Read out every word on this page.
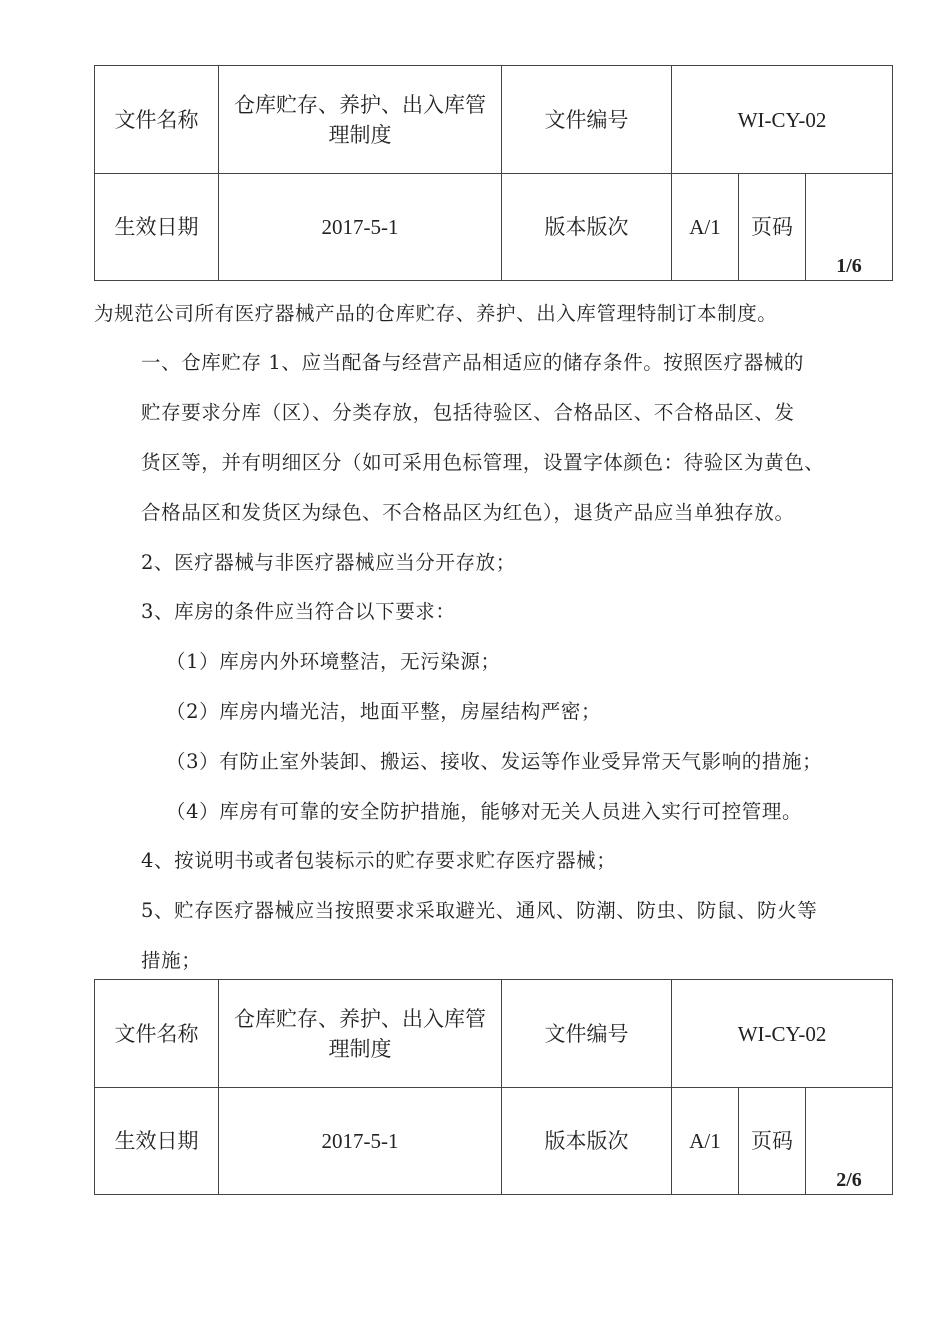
文件名称	仓库贮存、养护、出入库管理制度	文件编号	WI-CY-02		
生效日期	2017-5-1	版本版次	A/1	页码	1/6
为规范公司所有医疗器械产品的仓库贮存、养护、出入库管理特制订本制度。
一、仓库贮存 1、应当配备与经营产品相适应的储存条件。按照医疗器械的
贮存要求分库（区）、分类存放，包括待验区、合格品区、不合格品区、发
货区等，并有明细区分（如可采用色标管理，设置字体颜色：待验区为黄色、
合格品区和发货区为绿色、不合格品区为红色），退货产品应当单独存放。
2、医疗器械与非医疗器械应当分开存放；
3、库房的条件应当符合以下要求：
（1）库房内外环境整洁，无污染源；
（2）库房内墙光洁，地面平整，房屋结构严密；
（3）有防止室外装卸、搬运、接收、发运等作业受异常天气影响的措施；
（4）库房有可靠的安全防护措施，能够对无关人员进入实行可控管理。
4、按说明书或者包装标示的贮存要求贮存医疗器械；
5、贮存医疗器械应当按照要求采取避光、通风、防潮、防虫、防鼠、防火等
措施；
文件名称	仓库贮存、养护、出入库管理制度	文件编号	WI-CY-02		
生效日期	2017-5-1	版本版次	A/1	页码	2/6
